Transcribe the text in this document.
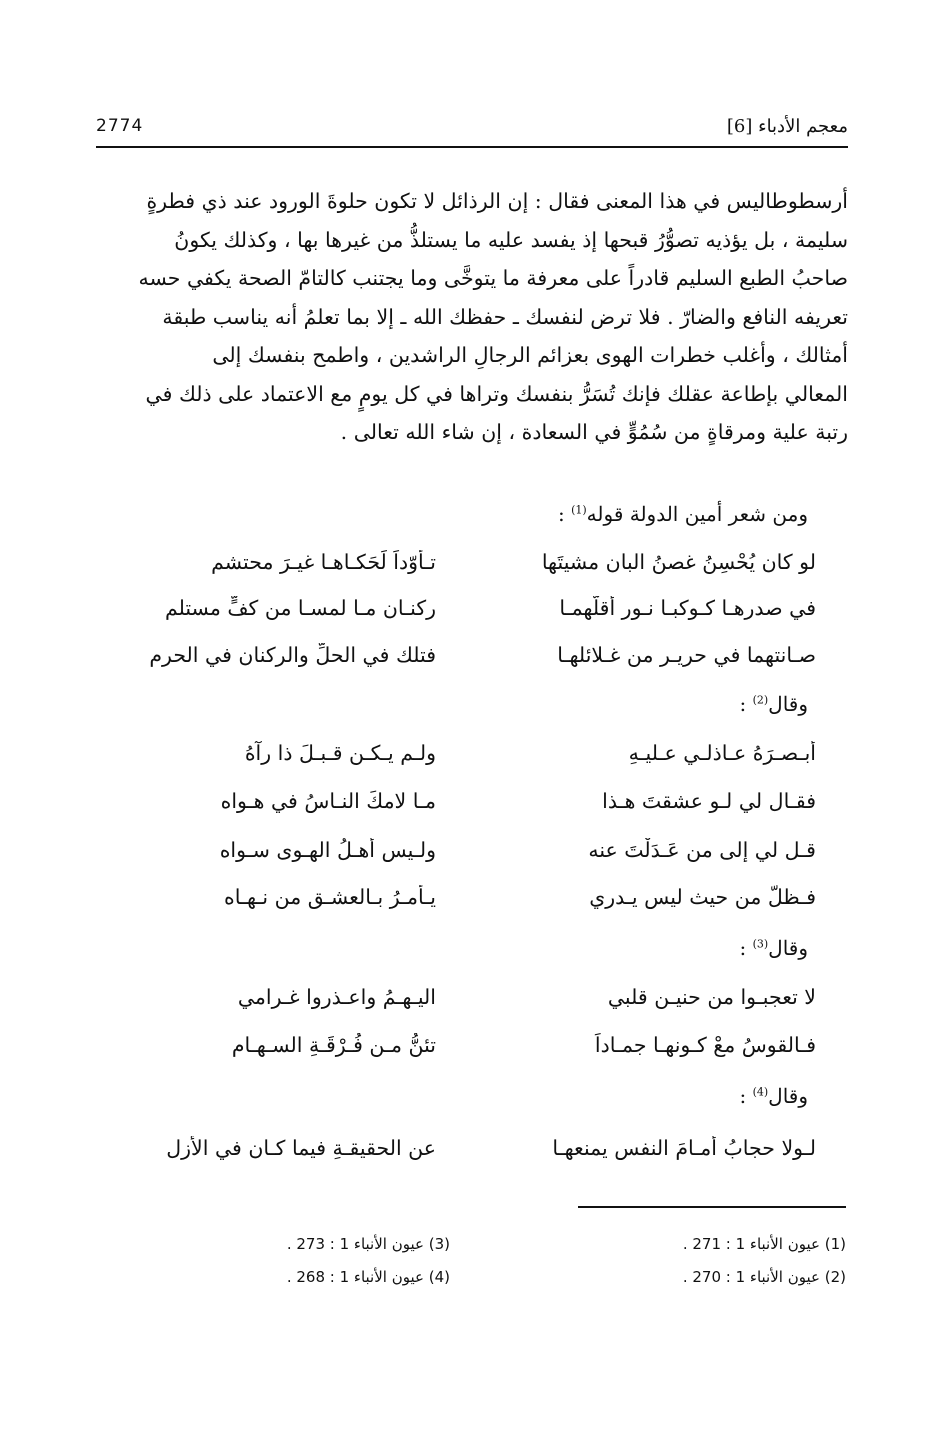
2774	معجم الأدباء [6]
أرسطوطاليس في هذا المعنى فقال : إن الرذائل لا تكون حلوةَ الورود عند ذي فطرةٍ
سليمة ، بل يؤذيه تصوُّرُ قبحها إذ يفسد عليه ما يستلذُّ من غيرها بها ، وكذلك يكونُ
صاحبُ الطبع السليم قادراً على معرفة ما يتوخَّى وما يجتنب كالتامّ الصحة يكفي حسه
تعريفه النافع والضارّ . فلا ترض لنفسك ـ حفظك الله ـ إلا بما تعلمُ أنه يناسب طبقة
أمثالك ، وأغلب خطرات الهوى بعزائم الرجالِ الراشدين ، واطمح بنفسك إلى
المعالي بإطاعة عقلك فإنك تُسَرُّ بنفسك وتراها في كل يومٍ مع الاعتماد على ذلك في
رتبة علية ومرقاةٍ من سُمُوٍّ في السعادة ، إن شاء الله تعالى .
ومن شعر أمين الدولة قوله$^{(1)}$ :
لو كان يُحْسِنُ غصنُ البانِ مشيتَها
تـأوّداً لَحَكـاهـا غيـرَ محتشمِ
في صدرهـا كـوكبـا نـورٍ أقلّهمـا
ركنـان مـا لمسـا من كفٍّ مستلم
صـانتهما في حريـرٍ من غـلائلهـا
فتلك في الحلِّ والركنانِ في الحرم
وقال$^{(2)}$ :
أبـصـرَهُ عـاذلـي عـليـهِ
ولـم يـكـن قـبـلَ ذا رآهُ
فقـال لي لـو عشقتَ هـذا
مـا لامكَ النـاسُ في هـواه
قـل لي إلى من عَـدَلْتَ عنه
ولـيس أهـلُ الهـوى سـواه
فـظلَّ من حيث ليس يـدري
يـأمـرُ بـالعشـقِ من نـهـاه
وقال$^{(3)}$ :
لا تعجبـوا من حنيـنِ قلبي
اليـهـمُ واعـذروا غـرامي
فـالقوسُ معْ كـونهـا جمـاداً
تئنُّ مـن فُـرْقَـةِ السـهـام
وقال$^{(4)}$ :
لـولا حجابُ أمـامَ النفسِ يمنعهـا
عن الحقيقـةِ فيما كـان في الأزلِ
(1) عيون الأنباء 1 : 271 .
(2) عيون الأنباء 1 : 270 .
(3) عيون الأنباء 1 : 273 .
(4) عيون الأنباء 1 : 268 .
